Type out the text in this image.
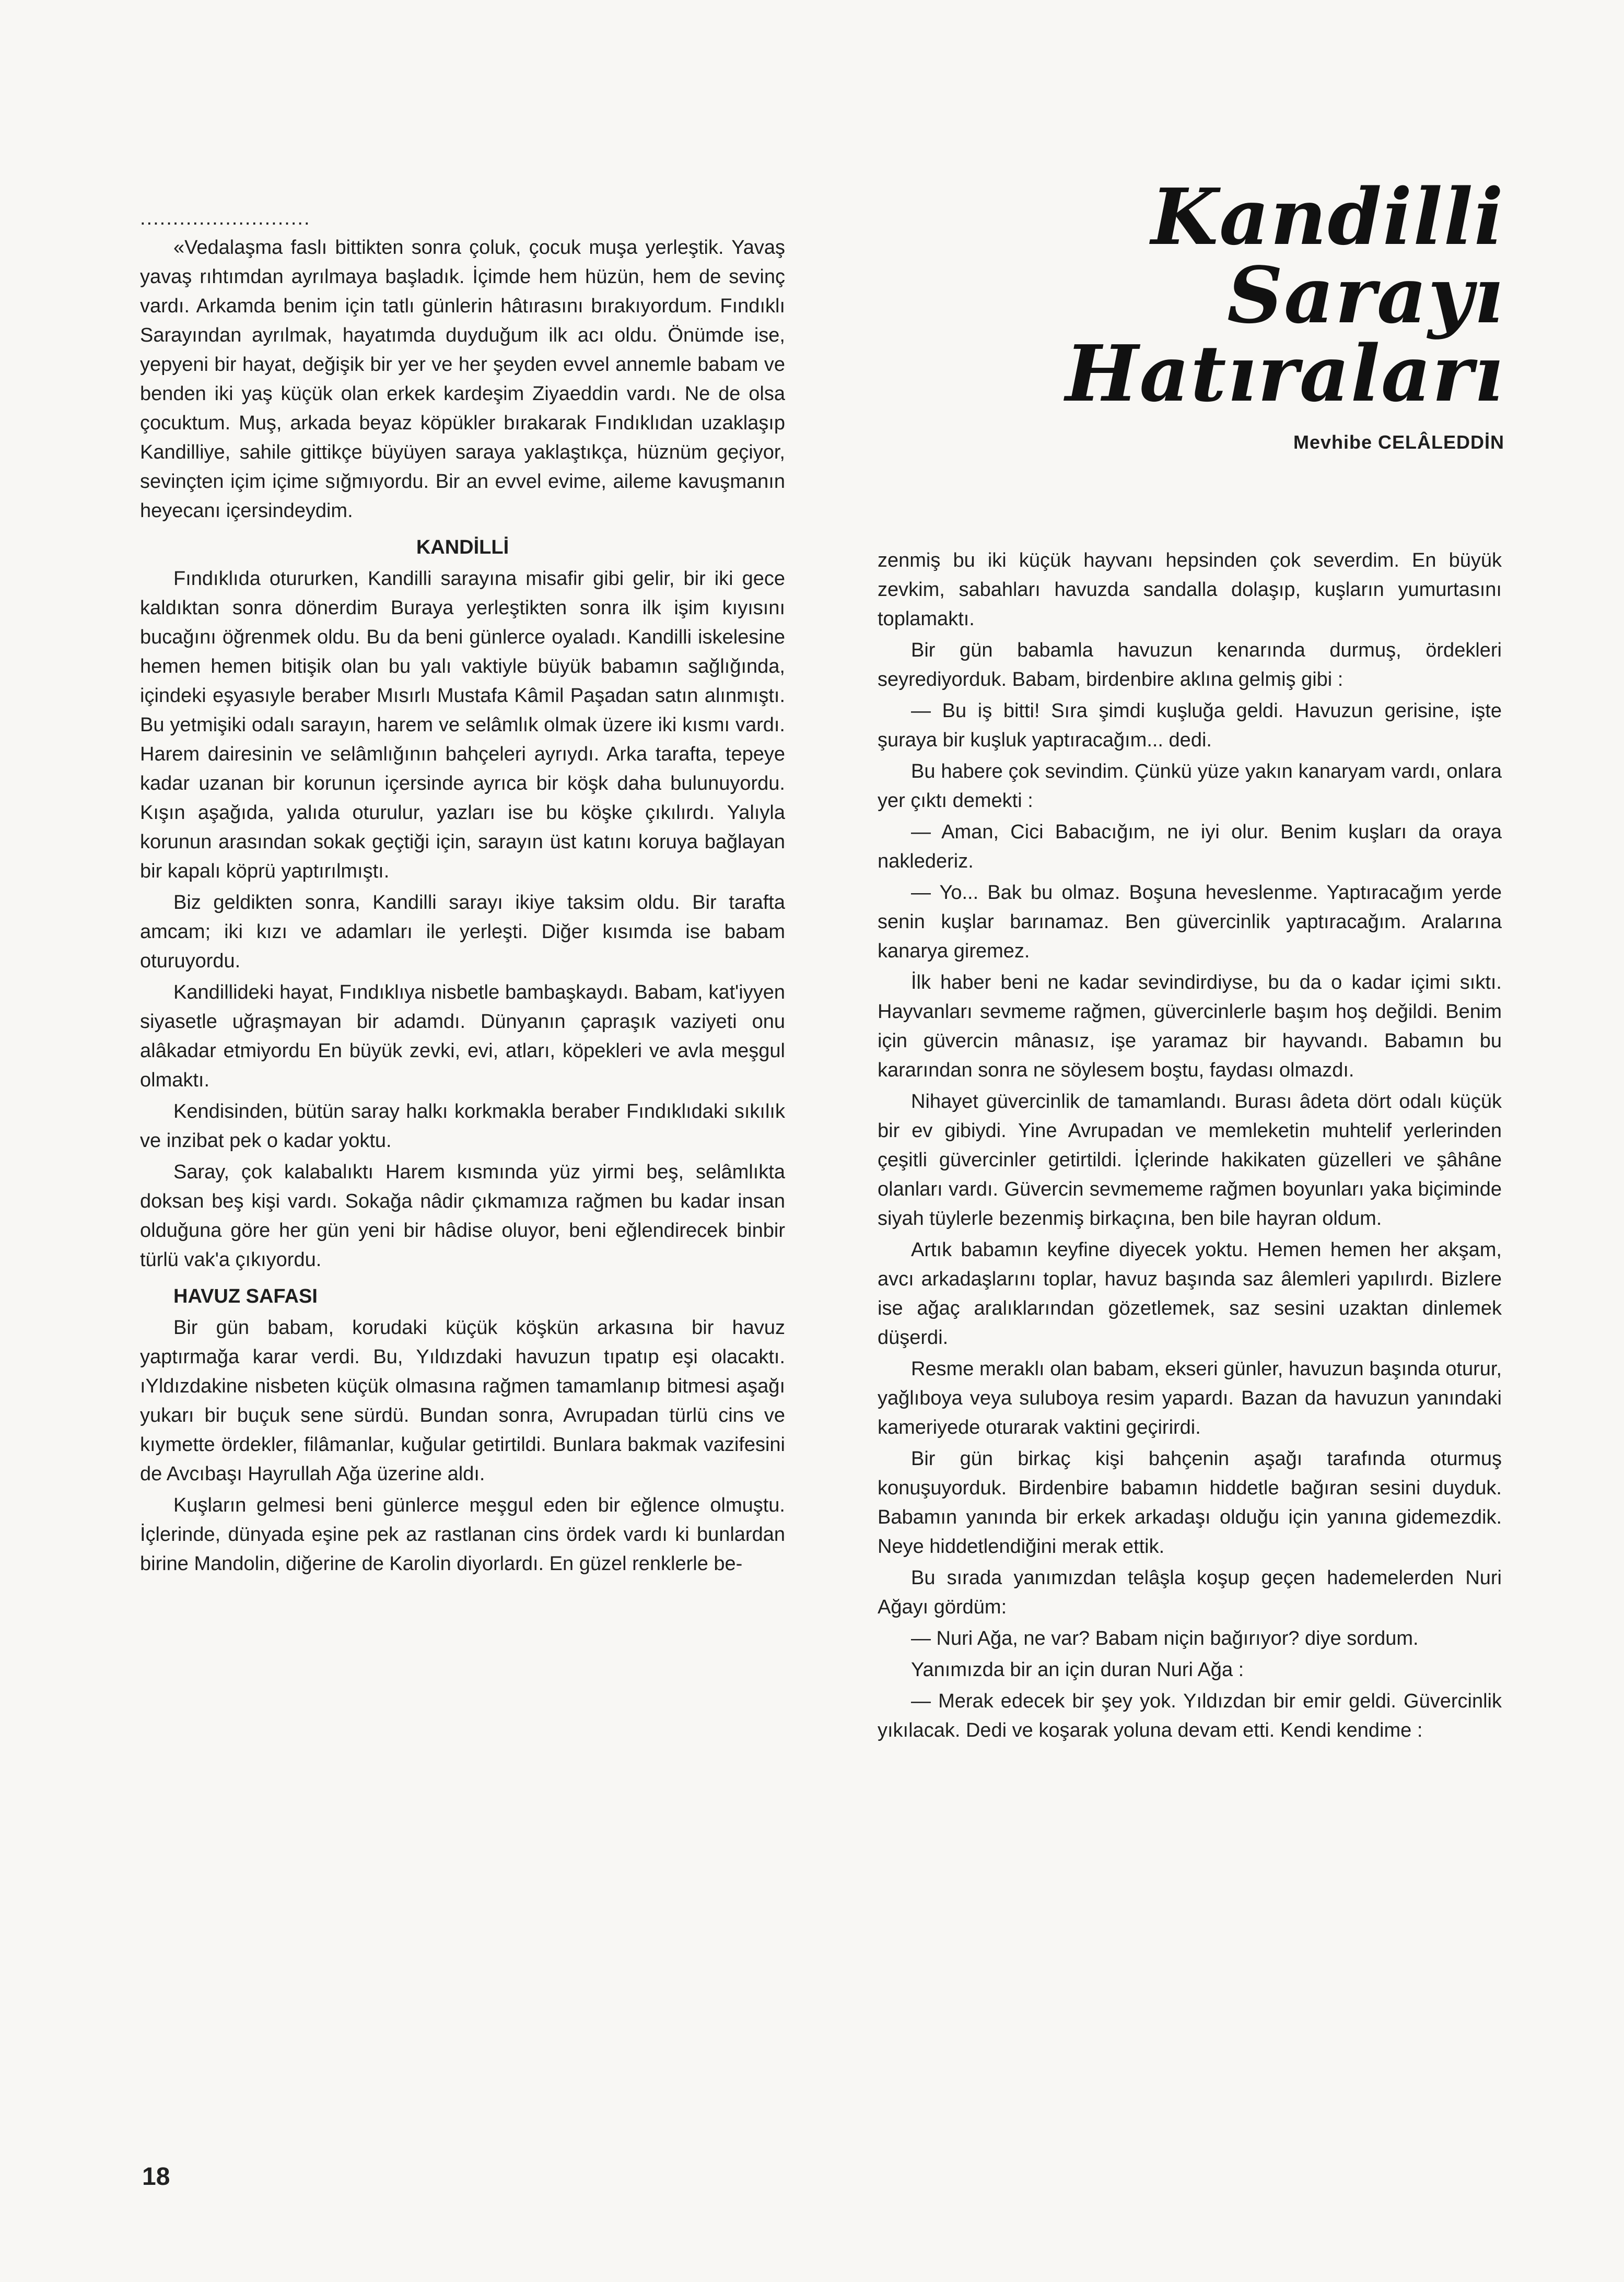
Kandilli
Sarayı
Hatıraları
Mevhibe CELÂLEDDİN
..........................

«Vedalaşma faslı bittikten sonra çoluk, çocuk muşa yerleştik. Yavaş yavaş rıhtımdan ayrılmaya başladık. İçimde hem hüzün, hem de sevinç vardı. Arkamda benim için tatlı günlerin hâtırasını bırakıyordum. Fındıklı Sarayından ayrılmak, hayatımda duyduğum ilk acı oldu. Önümde ise, yepyeni bir hayat, değişik bir yer ve her şeyden evvel annemle babam ve benden iki yaş küçük olan erkek kardeşim Ziyaeddin vardı. Ne de olsa çocuktum. Muş, arkada beyaz köpükler bırakarak Fındıklıdan uzaklaşıp Kandilliye, sahile gittikçe büyüyen saraya yaklaştıkça, hüznüm geçiyor, sevinçten içim içime sığmıyordu. Bir an evvel evime, aileme kavuşmanın heyecanı içersindeydim.

KANDİLLİ

Fındıklıda otururken, Kandilli sarayına misafir gibi gelir, bir iki gece kaldıktan sonra dönerdim Buraya yerleştikten sonra ilk işim kıyısını bucağını öğrenmek oldu. Bu da beni günlerce oyaladı. Kandilli iskelesine hemen hemen bitişik olan bu yalı vaktiyle büyük babamın sağlığında, içindeki eşyasıyle beraber Mısırlı Mustafa Kâmil Paşadan satın alınmıştı. Bu yetmişiki odalı sarayın, harem ve selâmlık olmak üzere iki kısmı vardı. Harem dairesinin ve selâmlığının bahçeleri ayrıydı. Arka tarafta, tepeye kadar uzanan bir korunun içersinde ayrıca bir köşk daha bulunuyordu. Kışın aşağıda, yalıda oturulur, yazları ise bu köşke çıkılırdı. Yalıyla korunun arasından sokak geçtiği için, sarayın üst katını koruya bağlayan bir kapalı köprü yaptırılmıştı.

Biz geldikten sonra, Kandilli sarayı ikiye taksim oldu. Bir tarafta amcam; iki kızı ve adamları ile yerleşti. Diğer kısımda ise babam oturuyordu.

Kandillideki hayat, Fındıklıya nisbetle bambaşkaydı. Babam, kat'iyyen siyasetle uğraşmayan bir adamdı. Dünyanın çapraşık vaziyeti onu alâkadar etmiyordu En büyük zevki, evi, atları, köpekleri ve avla meşgul olmaktı.

Kendisinden, bütün saray halkı korkmakla beraber Fındıklıdaki sıkılık ve inzibat pek o kadar yoktu.

Saray, çok kalabalıktı Harem kısmında yüz yirmi beş, selâmlıkta doksan beş kişi vardı. Sokağa nâdir çıkmamıza rağmen bu kadar insan olduğuna göre her gün yeni bir hâdise oluyor, beni eğlendirecek binbir türlü vak'a çıkıyordu.

HAVUZ SAFASI

Bir gün babam, korudaki küçük köşkün arkasına bir havuz yaptırmağa karar verdi. Bu, Yıldızdaki havuzun tıpatıp eşi olacaktı. ıYldızdakine nisbeten küçük olmasına rağmen tamamlanıp bitmesi aşağı yukarı bir buçuk sene sürdü. Bundan sonra, Avrupadan türlü cins ve kıymette ördekler, filâmanlar, kuğular getirtildi. Bunlara bakmak vazifesini de Avcıbaşı Hayrullah Ağa üzerine aldı.

Kuşların gelmesi beni günlerce meşgul eden bir eğlence olmuştu. İçlerinde, dünyada eşine pek az rastlanan cins ördek vardı ki bunlardan birine Mandolin, diğerine de Karolin diyorlardı. En güzel renklerle be-

zenmiş bu iki küçük hayvanı hepsinden çok severdim. En büyük zevkim, sabahları havuzda sandalla dolaşıp, kuşların yumurtasını toplamaktı.

Bir gün babamla havuzun kenarında durmuş, ördekleri seyrediyorduk. Babam, birdenbire aklına gelmiş gibi :

— Bu iş bitti! Sıra şimdi kuşluğa geldi. Havuzun gerisine, işte şuraya bir kuşluk yaptıracağım... dedi.

Bu habere çok sevindim. Çünkü yüze yakın kanaryam vardı, onlara yer çıktı demekti :

— Aman, Cici Babacığım, ne iyi olur. Benim kuşları da oraya naklederiz.

— Yo... Bak bu olmaz. Boşuna heveslenme. Yaptıracağım yerde senin kuşlar barınamaz. Ben güvercinlik yaptıracağım. Aralarına kanarya giremez.

İlk haber beni ne kadar sevindirdiyse, bu da o kadar içimi sıktı. Hayvanları sevmeme rağmen, güvercinlerle başım hoş değildi. Benim için güvercin mânasız, işe yaramaz bir hayvandı. Babamın bu kararından sonra ne söylesem boştu, faydası olmazdı.

Nihayet güvercinlik de tamamlandı. Burası âdeta dört odalı küçük bir ev gibiydi. Yine Avrupadan ve memleketin muhtelif yerlerinden çeşitli güvercinler getirtildi. İçlerinde hakikaten güzelleri ve şâhâne olanları vardı. Güvercin sevmememe rağmen boyunları yaka biçiminde siyah tüylerle bezenmiş birkaçına, ben bile hayran oldum.

Artık babamın keyfine diyecek yoktu. Hemen hemen her akşam, avcı arkadaşlarını toplar, havuz başında saz âlemleri yapılırdı. Bizlere ise ağaç aralıklarından gözetlemek, saz sesini uzaktan dinlemek düşerdi.

Resme meraklı olan babam, ekseri günler, havuzun başında oturur, yağlıboya veya suluboya resim yapardı. Bazan da havuzun yanındaki kameriyede oturarak vaktini geçirirdi.

Bir gün birkaç kişi bahçenin aşağı tarafında oturmuş konuşuyorduk. Birdenbire babamın hiddetle bağıran sesini duyduk. Babamın yanında bir erkek arkadaşı olduğu için yanına gidemezdik. Neye hiddetlendiğini merak ettik.

Bu sırada yanımızdan telâşla koşup geçen hademelerden Nuri Ağayı gördüm:

— Nuri Ağa, ne var? Babam niçin bağırıyor? diye sordum.

Yanımızda bir an için duran Nuri Ağa :

— Merak edecek bir şey yok. Yıldızdan bir emir geldi. Güvercinlik yıkılacak. Dedi ve koşarak yoluna devam etti. Kendi kendime :

18
